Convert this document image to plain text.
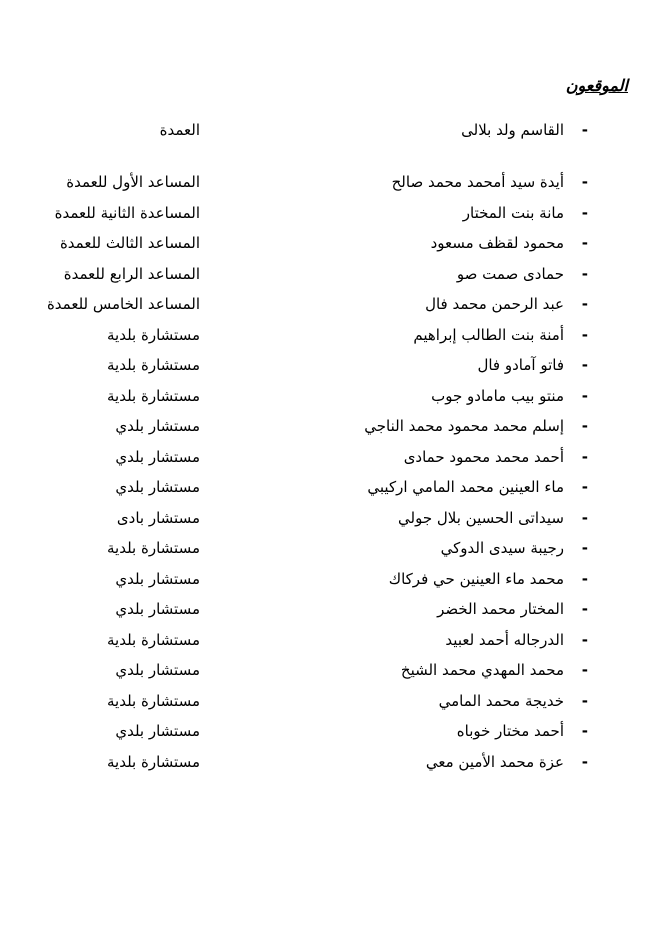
الموقعون
-
القاسم ولد بلالى
العمدة
-
أيدة سيد أمحمد محمد صالح
المساعد الأول للعمدة
-
مانة بنت المختار
المساعدة الثانية للعمدة
-
محمود لقظف مسعود
المساعد الثالث للعمدة
-
حمادى صمت صو
المساعد الرابع للعمدة
-
عبد الرحمن محمد فال
المساعد الخامس للعمدة
-
أمنة بنت الطالب إبراهيم
مستشارة بلدية
-
فاتو آمادو فال
مستشارة بلدية
-
منتو بيب مامادو جوب
مستشارة بلدية
-
إسلم محمد محمود محمد الناجي
مستشار بلدي
-
أحمد محمد محمود حمادى
مستشار بلدي
-
ماء العينين محمد المامي اركيبي
مستشار بلدي
-
سيداتى الحسين بلال جولي
مستشار بادى
-
رجيبة سيدى الدوكي
مستشارة بلدية
-
محمد ماء العينين حي فركاك
مستشار بلدي
-
المختار محمد الخضر
مستشار بلدي
-
الدرجاله أحمد لعبيد
مستشارة بلدية
-
محمد المهدي محمد الشيخ
مستشار بلدي
-
خديجة محمد المامي
مستشارة بلدية
-
أحمد مختار خوباه
مستشار بلدي
-
عزة محمد الأمين معي
مستشارة بلدية
